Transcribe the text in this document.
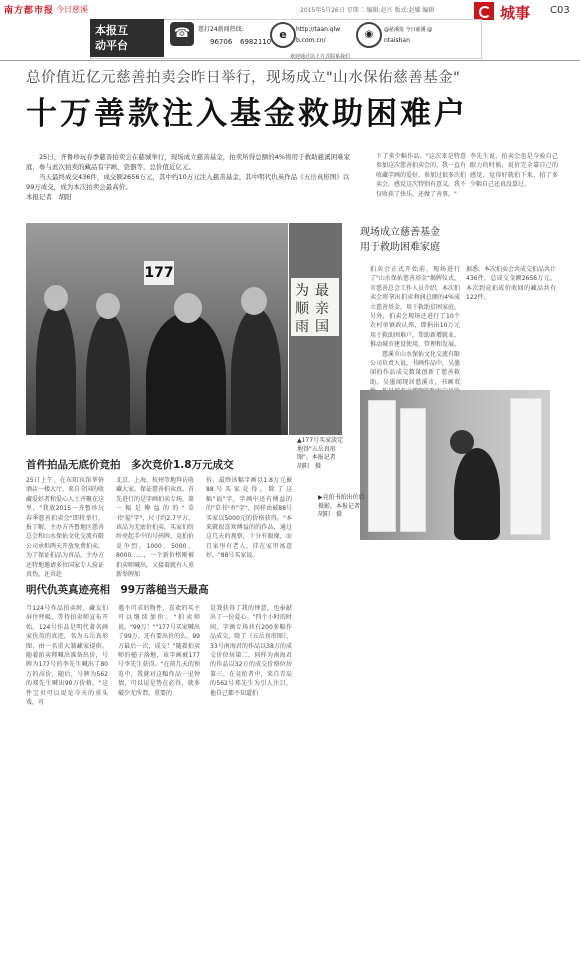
南方都市报 今日慈溪	2015年5月26日 星期二 编辑:赵兴 版式:赵耀 编辑	城事 C03
本报互
动平台
☎	慈打24新闻热线:
96706 6982110
e	http://taan.qlw
b.com.cn/
◉	@慈溪报 今日慈溪 @
ntaishan
欢迎通过以上方式联系我们
总价值近亿元慈善拍卖会昨日举行，现场成立"山水保佑慈善基金"
十万善款注入基金救助困难户

25日，齐鲁珍玩春季慈善拍卖会在慈城举行，现场成立慈善基金，拍卖所得总额的4%将用于救助慈溪困难家庭，参与此次拍卖的藏品有字画、瓷器等，总价值近亿元。

当天最终成交436件，成交额2656万元，其中约10万元注入慈善基金。其中明代仇英作品《五岳真形图》以99万成交，成为本次拍卖会最高价。

本报记者　胡阳
下了多少幅作品。"这次来是特意参加这次慈善拍卖会的，我一直有收藏字画的爱好，参加过很多次拍卖会，感觉这次特别有意义，我不仅收获了快乐，还做了善事。"
李先生说，拍卖会也是今验自己眼力的时候，说价完全靠自己的感觉，觉得好就拍下来，拍了多少幅自己还真没算过。
现场成立慈善基金
用于救助困难家庭
拍卖会正式开始前，现场进行了"山水保佑慈善基金"揭牌仪式，市慈善总会工作人员介绍，本次拍卖会将拿出拍卖利润总额的4%成立慈善基金，用于救助贫困家庭。另外，拍卖会现场还进行了10个农村单镇政认领，即捐出10万元用于救助困难户，帮助新增就业，推动城市建设使用，管理和发展。
慈溪市山水保佑文化交流有限公司负责人说，书画作品中，吴墨闻的作品成交数量创新了慈善救助。吴墨闻现居慈溪市，书画双
据悉，本次拍卖会共成交拍品共计436件，总成交金额2656万元，本次到竟拍成价收回的藏品共有122件。
177
为 最
顺 亲
雨 国
▲177号买家淡定地得"五岳真形图"。本报记者　胡阳　摄
▶竞拍书拍出价后摄影。本报记者　胡阳　摄
首件拍品无底价竞拍　多次竞价1.8万元成交
25日上午，在东阳宾馆华侨酒店一楼大厅，来自全国的收藏爱好者和爱心人士齐聚在这里。"我放2015一齐鲁珍玩春季慈善拍卖会"即将举行，报了解，主办方齐鲁地区慈善总会和山水保佑文化交流有限公司承担两天开放免费拍卖，为了保证拍品为真品，主办方还特地邀请多位国家专人验证真伪，还共赴
北京、上海、杭州等地拜访收藏大家，保证慈善拍卖真。首先进行的是字画拍卖专场，第一幅是傅益的的"草书"福"字"，尺寸约2.7平方，该品为无底价拍卖，买家们纷纷亮起手中的号码牌，竞拍价竞争烈，1000、5000、8000……，一个新价格刚被拍卖师喊出，又接着就有人重新举牌加
价，最终该幅字画以1.8万元被88号买家竞得。除了这幅"福"字，字画中还有傅益的的"草书"寿"字"，同样由被88号买家以5000元的价格获得。"本来就很喜欢傅益的的作品，通过这几天的观察，十分有眼缘，而且家里有老人，挂在家里寓意好。"88号买家说。
明代仇英真迹亮相　99万落槌当天最高
当124号作品拍卖时，藏友们屏住呼吸，等待拍卖师宣布开始。124号作品是明代著名画家仇英的真迹，名为五岳真形图，由一名重大制藏家提供。随着拍卖师喊出准备出价，号牌为177号的李先生喊出了80万的高价，随后，号牌为562的郑先生喊出90万价格。"这件宝贝可以说是今天的重头戏，可
遇不可求的物件，喜欢的买主可以继续加价。"拍卖师说。"99万！""177号买家喊出了99万，还有要出价的么，99万最后一次，成交！"随着拍卖师的槌子落地，该字画被177号李先生获得。"在前几天的预览中，我就对这幅作品一见钟情，可以说是势在必得，就多破少无所谓，重要的
是我获得了我的钟意，也奉献出了一份爱心。"四个小时的时间，字画专场共有200多幅作品成交，除了《五岳真形图》，33号南海君的作品以38万的成交价位居第二，同样为南海君的作品以32万的成交价格位居第三。在竞拍者中，来自青岛的562号郑先生为引人注目，他自己都不知道拍
